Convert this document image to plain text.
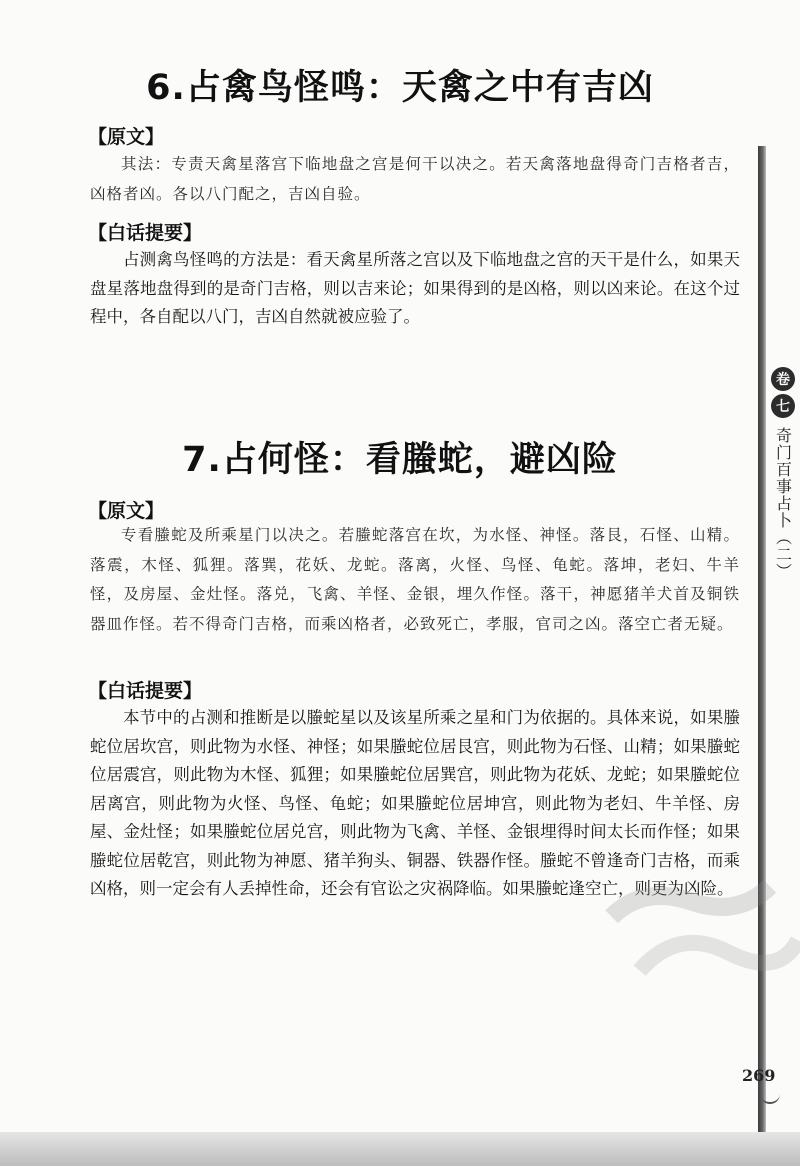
6.占禽鸟怪鸣：天禽之中有吉凶
【原文】

其法：专责天禽星落宫下临地盘之宫是何干以决之。若天禽落地盘得奇门吉格者吉，凶格者凶。各以八门配之，吉凶自验。

【白话提要】

占测禽鸟怪鸣的方法是：看天禽星所落之宫以及下临地盘之宫的天干是什么，如果天盘星落地盘得到的是奇门吉格，则以吉来论；如果得到的是凶格，则以凶来论。在这个过程中，各自配以八门，吉凶自然就被应验了。

7.占何怪：看螣蛇，避凶险
【原文】

专看螣蛇及所乘星门以决之。若螣蛇落宫在坎，为水怪、神怪。落艮，石怪、山精。落震，木怪、狐狸。落巽，花妖、龙蛇。落离，火怪、鸟怪、龟蛇。落坤，老妇、牛羊怪，及房屋、金灶怪。落兑，飞禽、羊怪、金银，埋久作怪。落干，神愿猪羊犬首及铜铁器皿作怪。若不得奇门吉格，而乘凶格者，必致死亡，孝服，官司之凶。落空亡者无疑。

【白话提要】

本节中的占测和推断是以螣蛇星以及该星所乘之星和门为依据的。具体来说，如果螣蛇位居坎宫，则此物为水怪、神怪；如果螣蛇位居艮宫，则此物为石怪、山精；如果螣蛇位居震宫，则此物为木怪、狐狸；如果螣蛇位居巽宫，则此物为花妖、龙蛇；如果螣蛇位居离宫，则此物为火怪、鸟怪、龟蛇；如果螣蛇位居坤宫，则此物为老妇、牛羊怪、房屋、金灶怪；如果螣蛇位居兑宫，则此物为飞禽、羊怪、金银埋得时间太长而作怪；如果螣蛇位居乾宫，则此物为神愿、猪羊狗头、铜器、铁器作怪。螣蛇不曾逢奇门吉格，而乘凶格，则一定会有人丢掉性命，还会有官讼之灾祸降临。如果螣蛇逢空亡，则更为凶险。

卷
七
奇门百事占卜（二）
269
